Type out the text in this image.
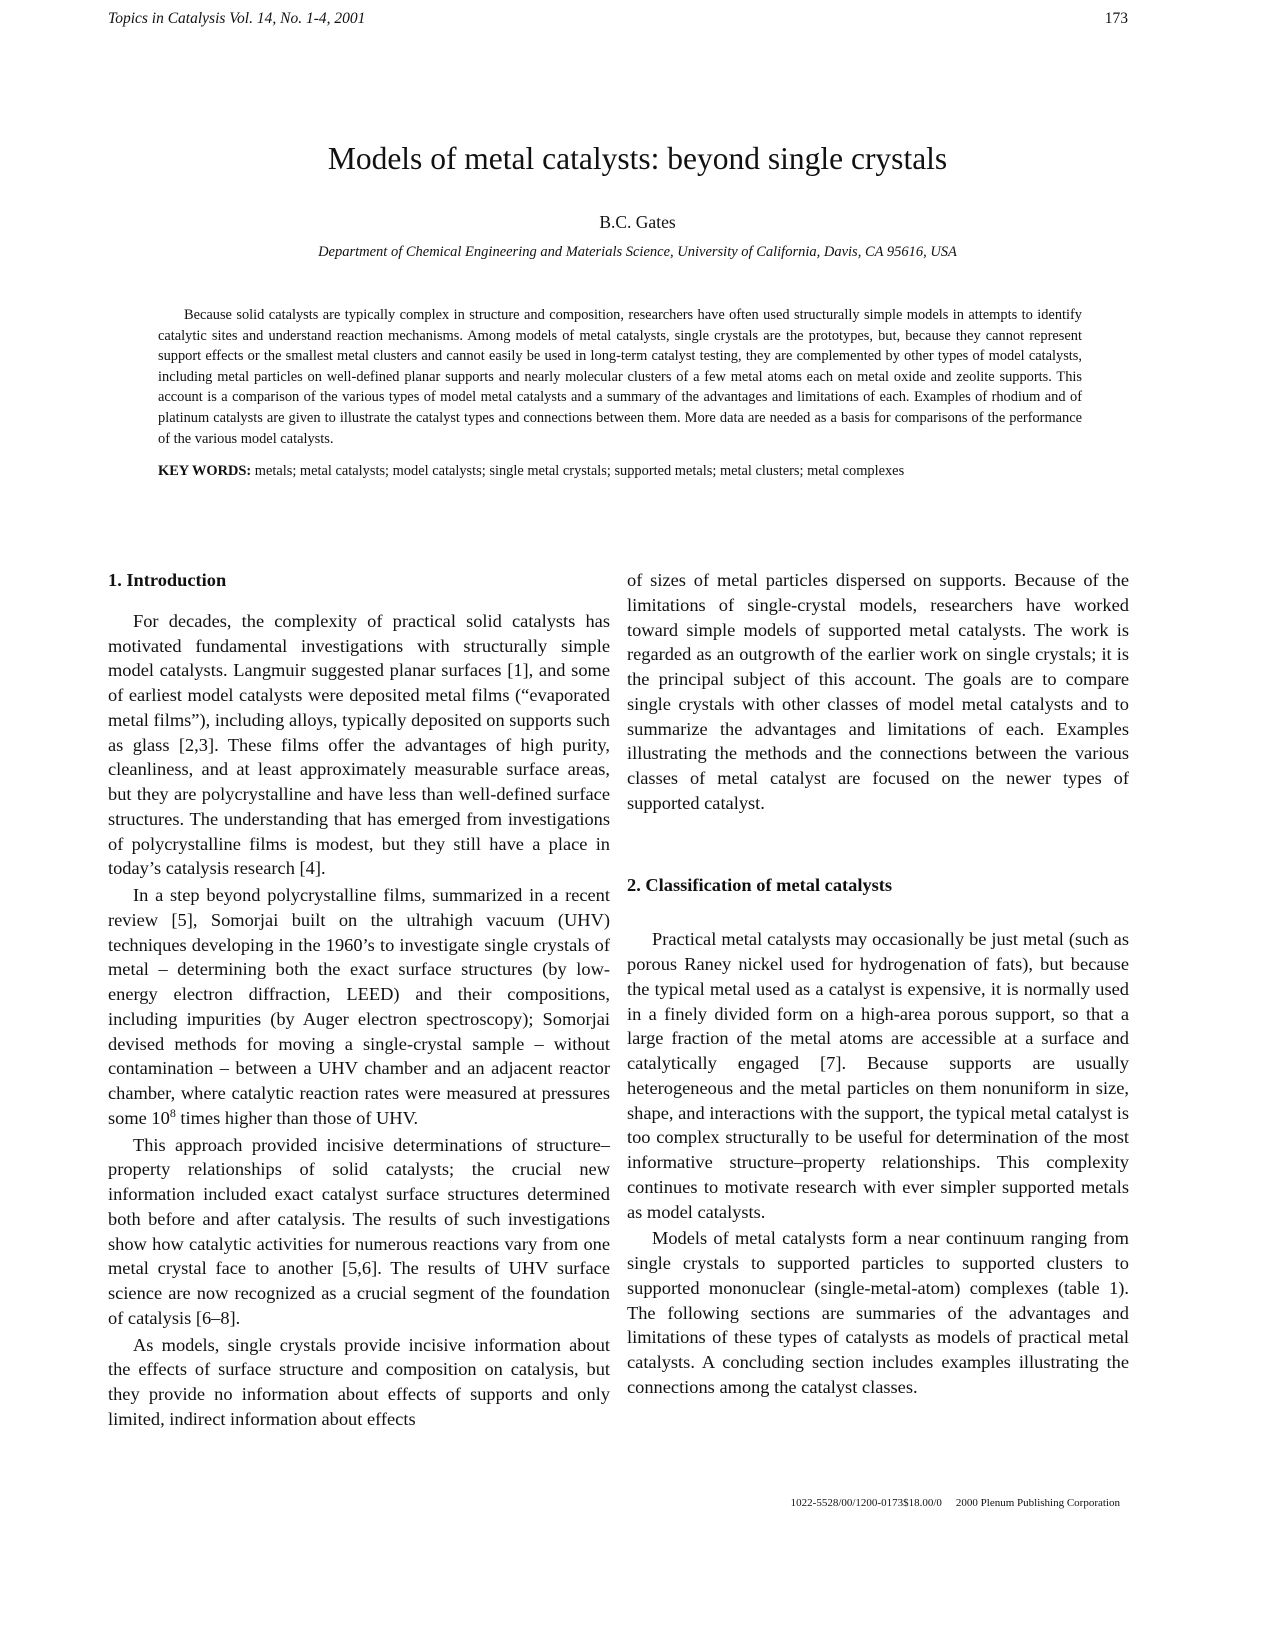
Topics in Catalysis Vol. 14, No. 1-4, 2001	173
Models of metal catalysts: beyond single crystals
B.C. Gates
Department of Chemical Engineering and Materials Science, University of California, Davis, CA 95616, USA

Because solid catalysts are typically complex in structure and composition, researchers have often used structurally simple models in attempts to identify catalytic sites and understand reaction mechanisms. Among models of metal catalysts, single crystals are the prototypes, but, because they cannot represent support effects or the smallest metal clusters and cannot easily be used in long-term catalyst testing, they are complemented by other types of model catalysts, including metal particles on well-defined planar supports and nearly molecular clusters of a few metal atoms each on metal oxide and zeolite supports. This account is a comparison of the various types of model metal catalysts and a summary of the advantages and limitations of each. Examples of rhodium and of platinum catalysts are given to illustrate the catalyst types and connections between them. More data are needed as a basis for comparisons of the performance of the various model catalysts.

KEY WORDS: metals; metal catalysts; model catalysts; single metal crystals; supported metals; metal clusters; metal complexes

1. Introduction

For decades, the complexity of practical solid catalysts has motivated fundamental investigations with structurally simple model catalysts. Langmuir suggested planar surfaces [1], and some of earliest model catalysts were deposited metal films (“evaporated metal films”), including alloys, typically deposited on supports such as glass [2,3]. These films offer the advantages of high purity, cleanliness, and at least approximately measurable surface areas, but they are polycrystalline and have less than well-defined surface structures. The understanding that has emerged from investigations of polycrystalline films is modest, but they still have a place in today’s catalysis research [4].

In a step beyond polycrystalline films, summarized in a recent review [5], Somorjai built on the ultrahigh vacuum (UHV) techniques developing in the 1960’s to investigate single crystals of metal – determining both the exact surface structures (by low-energy electron diffraction, LEED) and their compositions, including impurities (by Auger electron spectroscopy); Somorjai devised methods for moving a single-crystal sample – without contamination – between a UHV chamber and an adjacent reactor chamber, where catalytic reaction rates were measured at pressures some $10^8$ times higher than those of UHV.

This approach provided incisive determinations of structure–property relationships of solid catalysts; the crucial new information included exact catalyst surface structures determined both before and after catalysis. The results of such investigations show how catalytic activities for numerous reactions vary from one metal crystal face to another [5,6]. The results of UHV surface science are now recognized as a crucial segment of the foundation of catalysis [6–8].

As models, single crystals provide incisive information about the effects of surface structure and composition on catalysis, but they provide no information about effects of supports and only limited, indirect information about effects

of sizes of metal particles dispersed on supports. Because of the limitations of single-crystal models, researchers have worked toward simple models of supported metal catalysts. The work is regarded as an outgrowth of the earlier work on single crystals; it is the principal subject of this account. The goals are to compare single crystals with other classes of model metal catalysts and to summarize the advantages and limitations of each. Examples illustrating the methods and the connections between the various classes of metal catalyst are focused on the newer types of supported catalyst.

2. Classification of metal catalysts

Practical metal catalysts may occasionally be just metal (such as porous Raney nickel used for hydrogenation of fats), but because the typical metal used as a catalyst is expensive, it is normally used in a finely divided form on a high-area porous support, so that a large fraction of the metal atoms are accessible at a surface and catalytically engaged [7]. Because supports are usually heterogeneous and the metal particles on them nonuniform in size, shape, and interactions with the support, the typical metal catalyst is too complex structurally to be useful for determination of the most informative structure–property relationships. This complexity continues to motivate research with ever simpler supported metals as model catalysts.

Models of metal catalysts form a near continuum ranging from single crystals to supported particles to supported clusters to supported mononuclear (single-metal-atom) complexes (table 1). The following sections are summaries of the advantages and limitations of these types of catalysts as models of practical metal catalysts. A concluding section includes examples illustrating the connections among the catalyst classes.

1022-5528/00/1200-0173$18.00/0 2000 Plenum Publishing Corporation
